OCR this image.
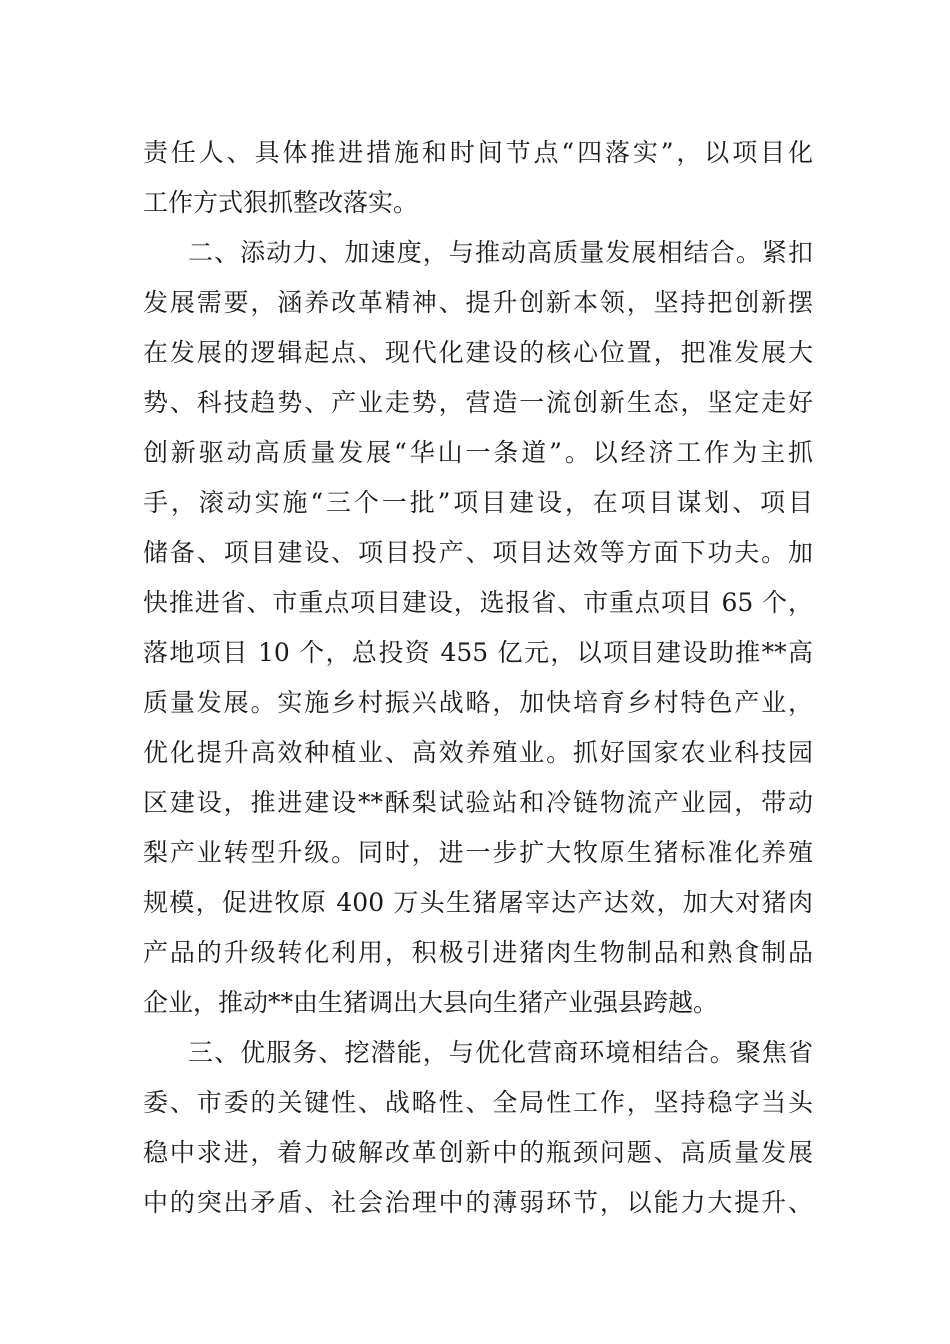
责任人、具体推进措施和时间节点“四落实”，以项目化
工作方式狠抓整改落实。
二、添动力、加速度，与推动高质量发展相结合。紧扣
发展需要，涵养改革精神、提升创新本领，坚持把创新摆
在发展的逻辑起点、现代化建设的核心位置，把准发展大
势、科技趋势、产业走势，营造一流创新生态，坚定走好
创新驱动高质量发展“华山一条道”。以经济工作为主抓
手，滚动实施“三个一批”项目建设，在项目谋划、项目
储备、项目建设、项目投产、项目达效等方面下功夫。加
快推进省、市重点项目建设，选报省、市重点项目 65 个，
落地项目 10 个，总投资 455 亿元，以项目建设助推**高
质量发展。实施乡村振兴战略，加快培育乡村特色产业，
优化提升高效种植业、高效养殖业。抓好国家农业科技园
区建设，推进建设**酥梨试验站和冷链物流产业园，带动
梨产业转型升级。同时，进一步扩大牧原生猪标准化养殖
规模，促进牧原 400 万头生猪屠宰达产达效，加大对猪肉
产品的升级转化利用，积极引进猪肉生物制品和熟食制品
企业，推动**由生猪调出大县向生猪产业强县跨越。
三、优服务、挖潜能，与优化营商环境相结合。聚焦省
委、市委的关键性、战略性、全局性工作，坚持稳字当头
稳中求进，着力破解改革创新中的瓶颈问题、高质量发展
中的突出矛盾、社会治理中的薄弱环节，以能力大提升、
